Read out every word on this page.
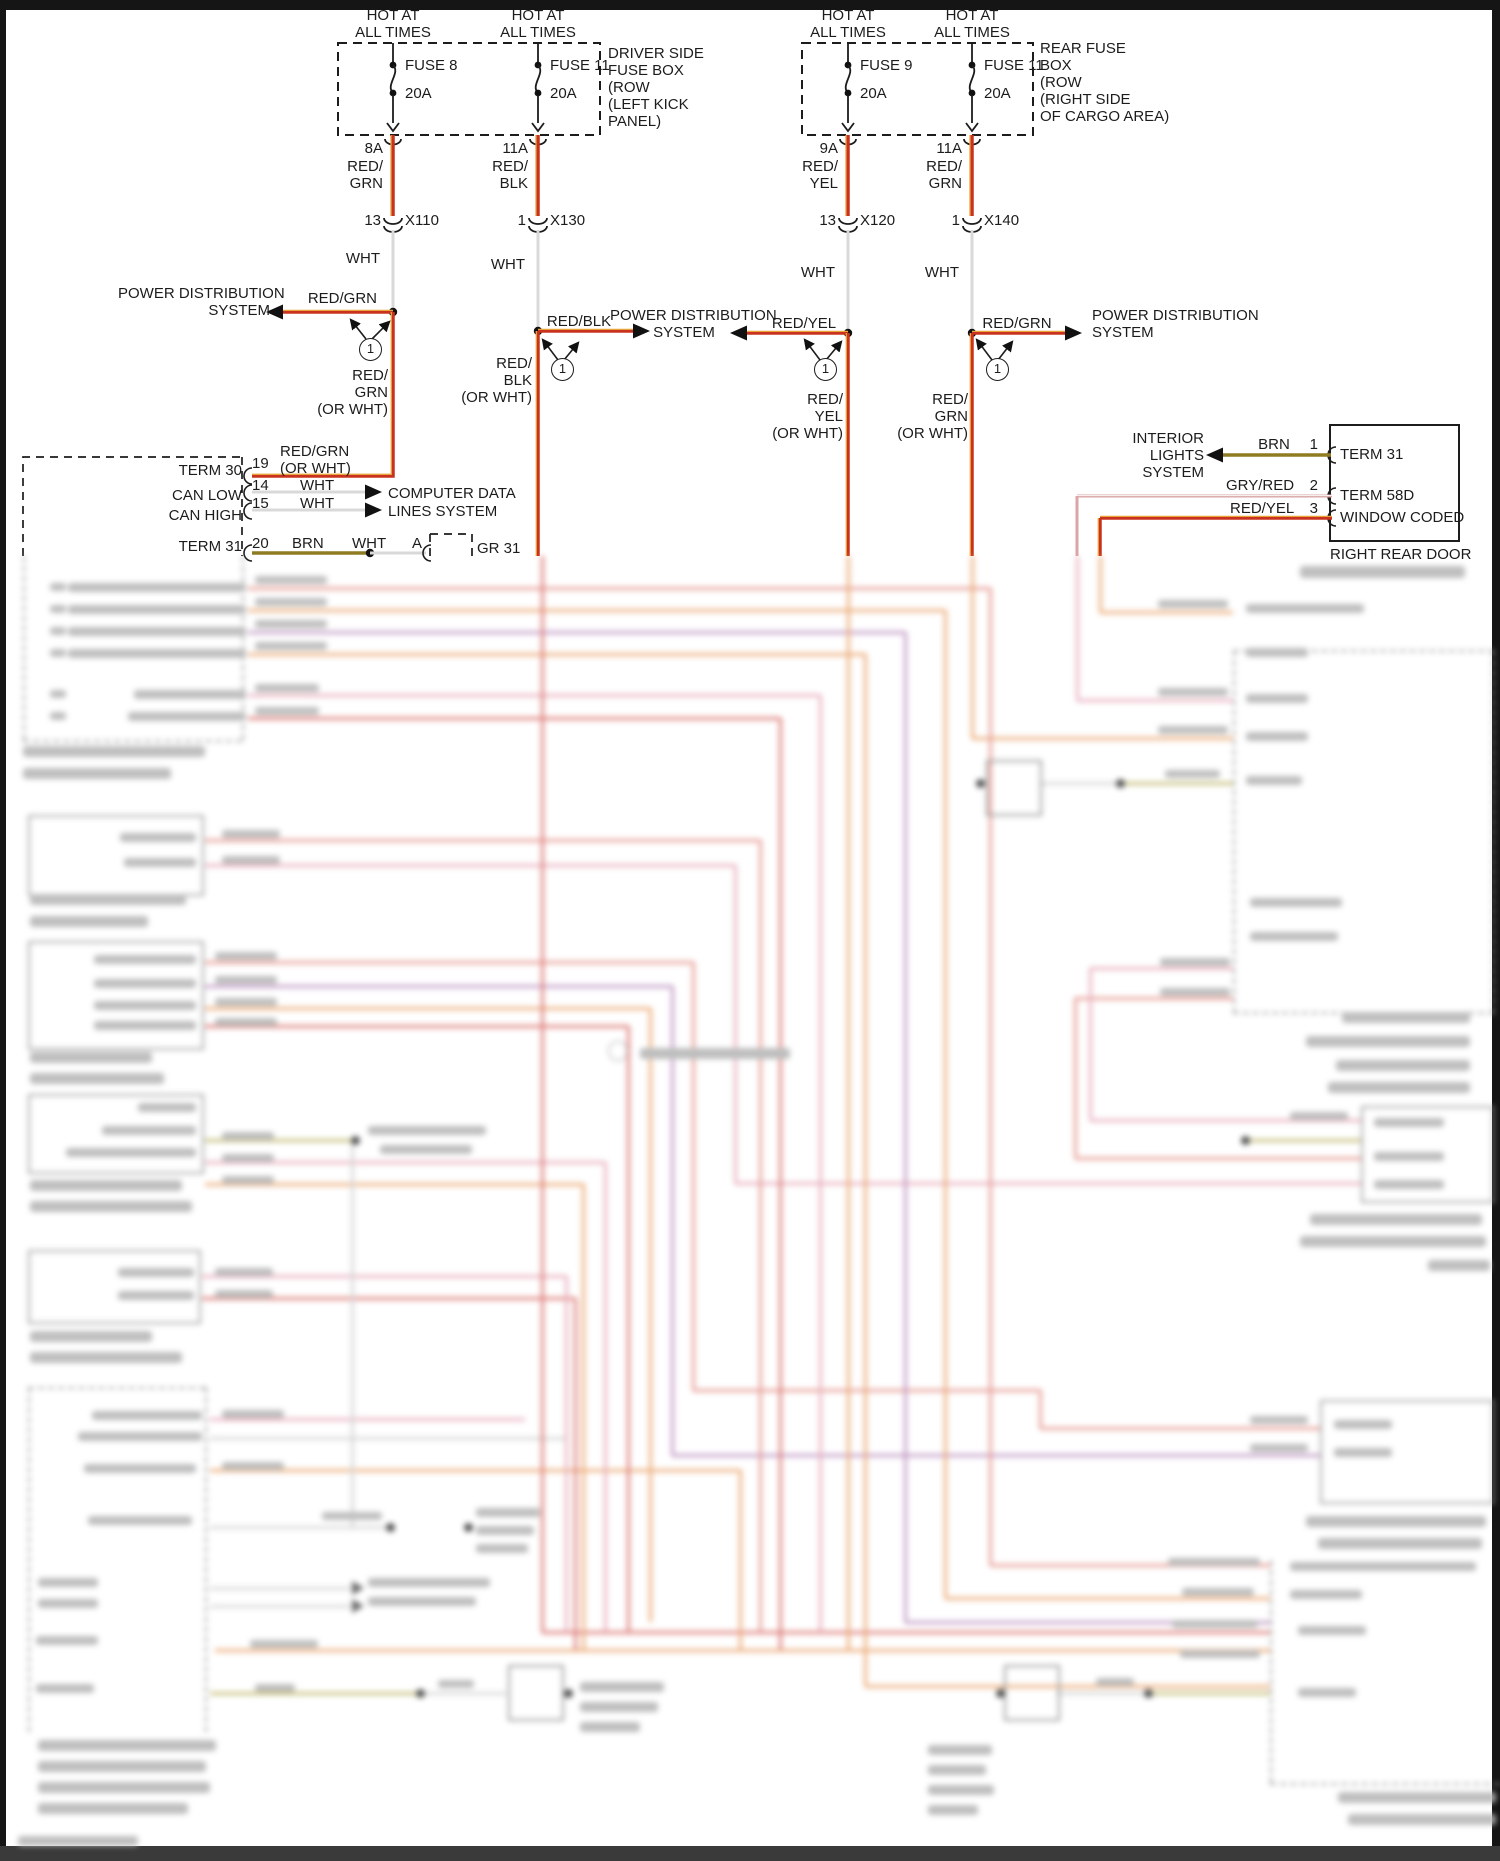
HOT AT
ALL TIMES
FUSE 8
20A
8A
RED/
GRN
13 X110
WHT
RED/GRN
RED/
GRN
(OR WHT)
1
HOT AT
ALL TIMES
FUSE 11
20A
11A
RED/
BLK
1 X130
WHT
RED/BLK
RED/
BLK
(OR WHT)
1
HOT AT
ALL TIMES
FUSE 9
20A
9A
RED/
YEL
13 X120
WHT
RED/YEL
RED/
YEL
(OR WHT)
1
HOT AT
ALL TIMES
FUSE 11
20A
11A
RED/
GRN
1 X140
WHT
RED/GRN
RED/
GRN
(OR WHT)
1
DRIVER SIDE
FUSE BOX
(ROW
(LEFT KICK
PANEL)
REAR FUSE
BOX
(ROW
(RIGHT SIDE
OF CARGO AREA)
POWER DISTRIBUTION
SYSTEM	POWER DISTRIBUTION
SYSTEM
POWER DISTRIBUTION
SYSTEM
TERM 30 19
RED/GRN
(OR WHT)
CAN LOW
14 WHT
CAN HIGH
15 WHT
COMPUTER DATA
LINES SYSTEM
TERM 31 20 BRN WHT A	GR 31
INTERIOR
LIGHTS
SYSTEM
BRN	1
TERM 31
GRY/RED	2
TERM 58D
RED/YEL	3
WINDOW CODED
RIGHT REAR DOOR
